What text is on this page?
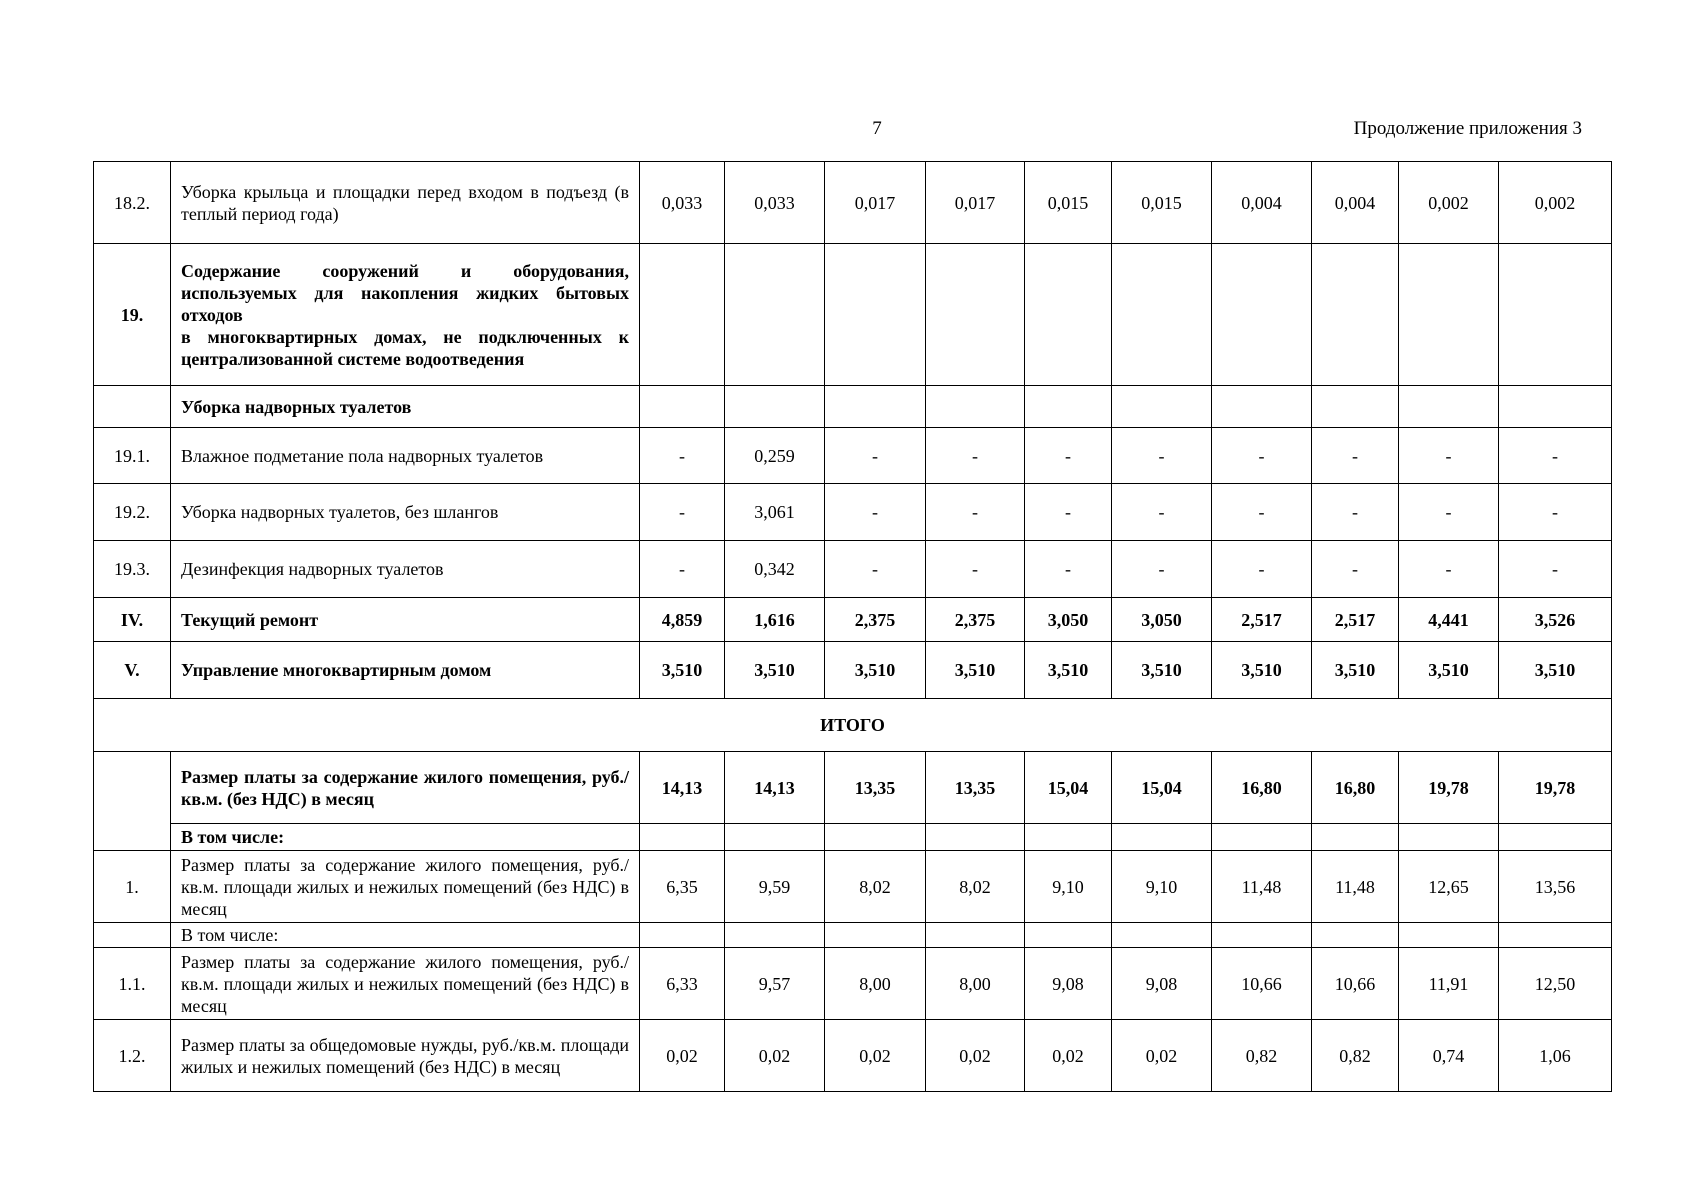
7	Продолжение приложения 3
18.2.	Уборка крыльца и площадки перед входом в подъезд (в теплый период года)	0,033	0,033	0,017	0,017	0,015	0,015	0,004	0,004	0,002	0,002
19.	Содержание сооружений и оборудования, используемых для накопления жидких бытовых отходов
в многоквартирных домах, не подключенных к централизованной системе водоотведения										
	Уборка надворных туалетов										
19.1.	Влажное подметание пола надворных туалетов	-	0,259	-	-	-	-	-	-	-	-
19.2.	Уборка надворных туалетов, без шлангов	-	3,061	-	-	-	-	-	-	-	-
19.3.	Дезинфекция надворных туалетов	-	0,342	-	-	-	-	-	-	-	-
IV.	Текущий ремонт	4,859	1,616	2,375	2,375	3,050	3,050	2,517	2,517	4,441	3,526
V.	Управление многоквартирным домом	3,510	3,510	3,510	3,510	3,510	3,510	3,510	3,510	3,510	3,510
ИТОГО											
	Размер платы за содержание жилого помещения, руб./кв.м. (без НДС) в месяц	14,13	14,13	13,35	13,35	15,04	15,04	16,80	16,80	19,78	19,78
	В том числе:										
1.	Размер платы за содержание жилого помещения, руб./кв.м. площади жилых и нежилых помещений (без НДС) в месяц	6,35	9,59	8,02	8,02	9,10	9,10	11,48	11,48	12,65	13,56
	В том числе:										
1.1.	Размер платы за содержание жилого помещения, руб./кв.м. площади жилых и нежилых помещений (без НДС) в месяц	6,33	9,57	8,00	8,00	9,08	9,08	10,66	10,66	11,91	12,50
1.2.	Размер платы за общедомовые нужды, руб./кв.м. площади жилых и нежилых помещений (без НДС) в месяц	0,02	0,02	0,02	0,02	0,02	0,02	0,82	0,82	0,74	1,06
